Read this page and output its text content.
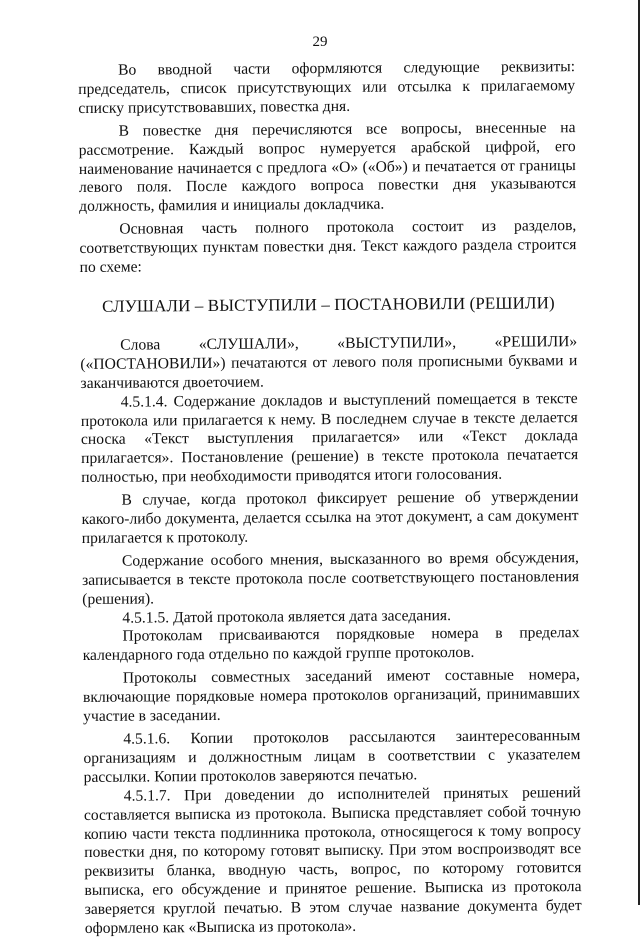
29

Во вводной части оформляются следующие реквизиты: председатель, список присутствующих или отсылка к прилагаемому списку присутствовавших, повестка дня.

В повестке дня перечисляются все вопросы, внесенные на рассмотрение. Каждый вопрос нумеруется арабской цифрой, его наименование начинается с предлога «О» («Об») и печатается от границы левого поля. После каждого вопроса повестки дня указываются должность, фамилия и инициалы докладчика.

Основная часть полного протокола состоит из разделов, соответствующих пунктам повестки дня. Текст каждого раздела строится по схеме:

СЛУШАЛИ – ВЫСТУПИЛИ – ПОСТАНОВИЛИ (РЕШИЛИ)

Слова «СЛУШАЛИ», «ВЫСТУПИЛИ», «РЕШИЛИ» («ПОСТАНОВИЛИ») печатаются от левого поля прописными буквами и заканчиваются двоеточием.

4.5.1.4. Содержание докладов и выступлений помещается в тексте протокола или прилагается к нему. В последнем случае в тексте делается сноска «Текст выступления прилагается» или «Текст доклада прилагается». Постановление (решение) в тексте протокола печатается полностью, при необходимости приводятся итоги голосования.

В случае, когда протокол фиксирует решение об утверждении какого-либо документа, делается ссылка на этот документ, а сам документ прилагается к протоколу.

Содержание особого мнения, высказанного во время обсуждения, записывается в тексте протокола после соответствующего постановления (решения).

4.5.1.5. Датой протокола является дата заседания.

Протоколам присваиваются порядковые номера в пределах календарного года отдельно по каждой группе протоколов.

Протоколы совместных заседаний имеют составные номера, включающие порядковые номера протоколов организаций, принимавших участие в заседании.

4.5.1.6. Копии протоколов рассылаются заинтересованным организациям и должностным лицам в соответствии с указателем рассылки. Копии протоколов заверяются печатью.

4.5.1.7. При доведении до исполнителей принятых решений составляется выписка из протокола. Выписка представляет собой точную копию части текста подлинника протокола, относящегося к тому вопросу повестки дня, по которому готовят выписку. При этом воспроизводят все реквизиты бланка, вводную часть, вопрос, по которому готовится выписка, его обсуждение и принятое решение. Выписка из протокола заверяется круглой печатью. В этом случае название документа будет оформлено как «Выписка из протокола».
